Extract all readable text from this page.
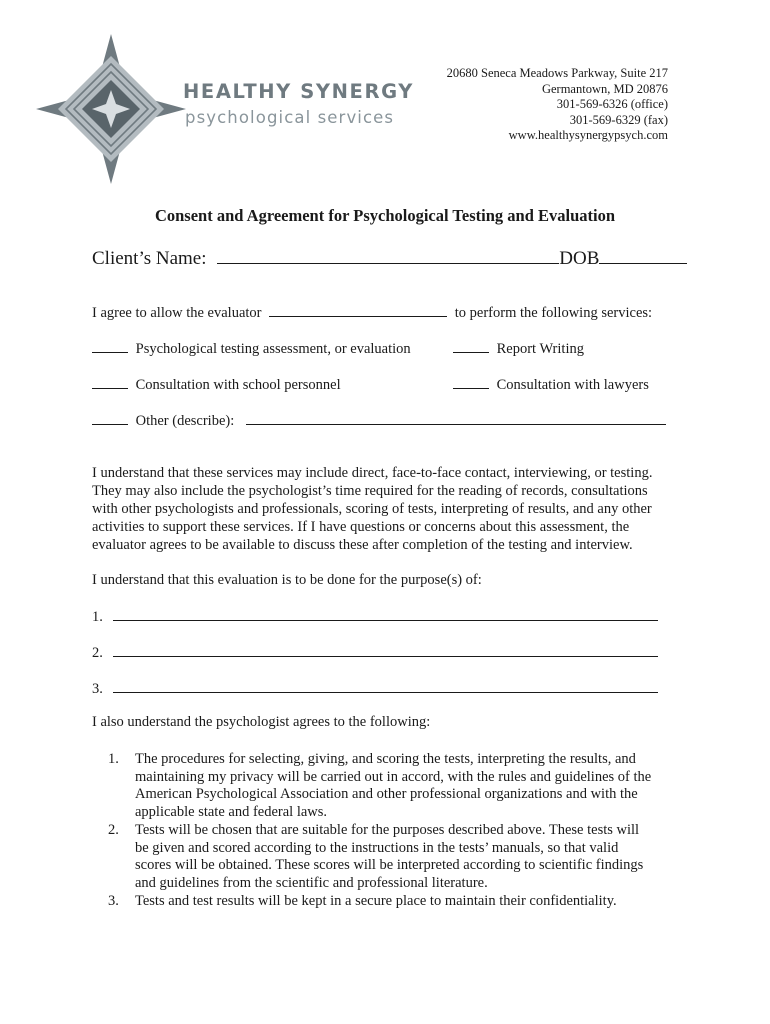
HEALTHY SYNERGY
psychological services
20680 Seneca Meadows Parkway, Suite 217
Germantown, MD 20876
301-569-6326 (office)
301-569-6329 (fax)
www.healthysynergypsych.com
Consent and Agreement for Psychological Testing and Evaluation
Client’s Name:	DOB
I agree to allow the evaluator	to perform the following services:
Psychological testing assessment, or evaluation	Report Writing
Consultation with school personnel	Consultation with lawyers
Other (describe):
I understand that these services may include direct, face-to-face contact, interviewing, or testing.
They may also include the psychologist’s time required for the reading of records, consultations
with other psychologists and professionals, scoring of tests, interpreting of results, and any other
activities to support these services. If I have questions or concerns about this assessment, the
evaluator agrees to be available to discuss these after completion of the testing and interview.
I understand that this evaluation is to be done for the purpose(s) of:
1.
2.
3.
I also understand the psychologist agrees to the following:
1. The procedures for selecting, giving, and scoring the tests, interpreting the results, and
maintaining my privacy will be carried out in accord, with the rules and guidelines of the
American Psychological Association and other professional organizations and with the
applicable state and federal laws.
2. Tests will be chosen that are suitable for the purposes described above. These tests will
be given and scored according to the instructions in the tests’ manuals, so that valid
scores will be obtained. These scores will be interpreted according to scientific findings
and guidelines from the scientific and professional literature.
3. Tests and test results will be kept in a secure place to maintain their confidentiality.
